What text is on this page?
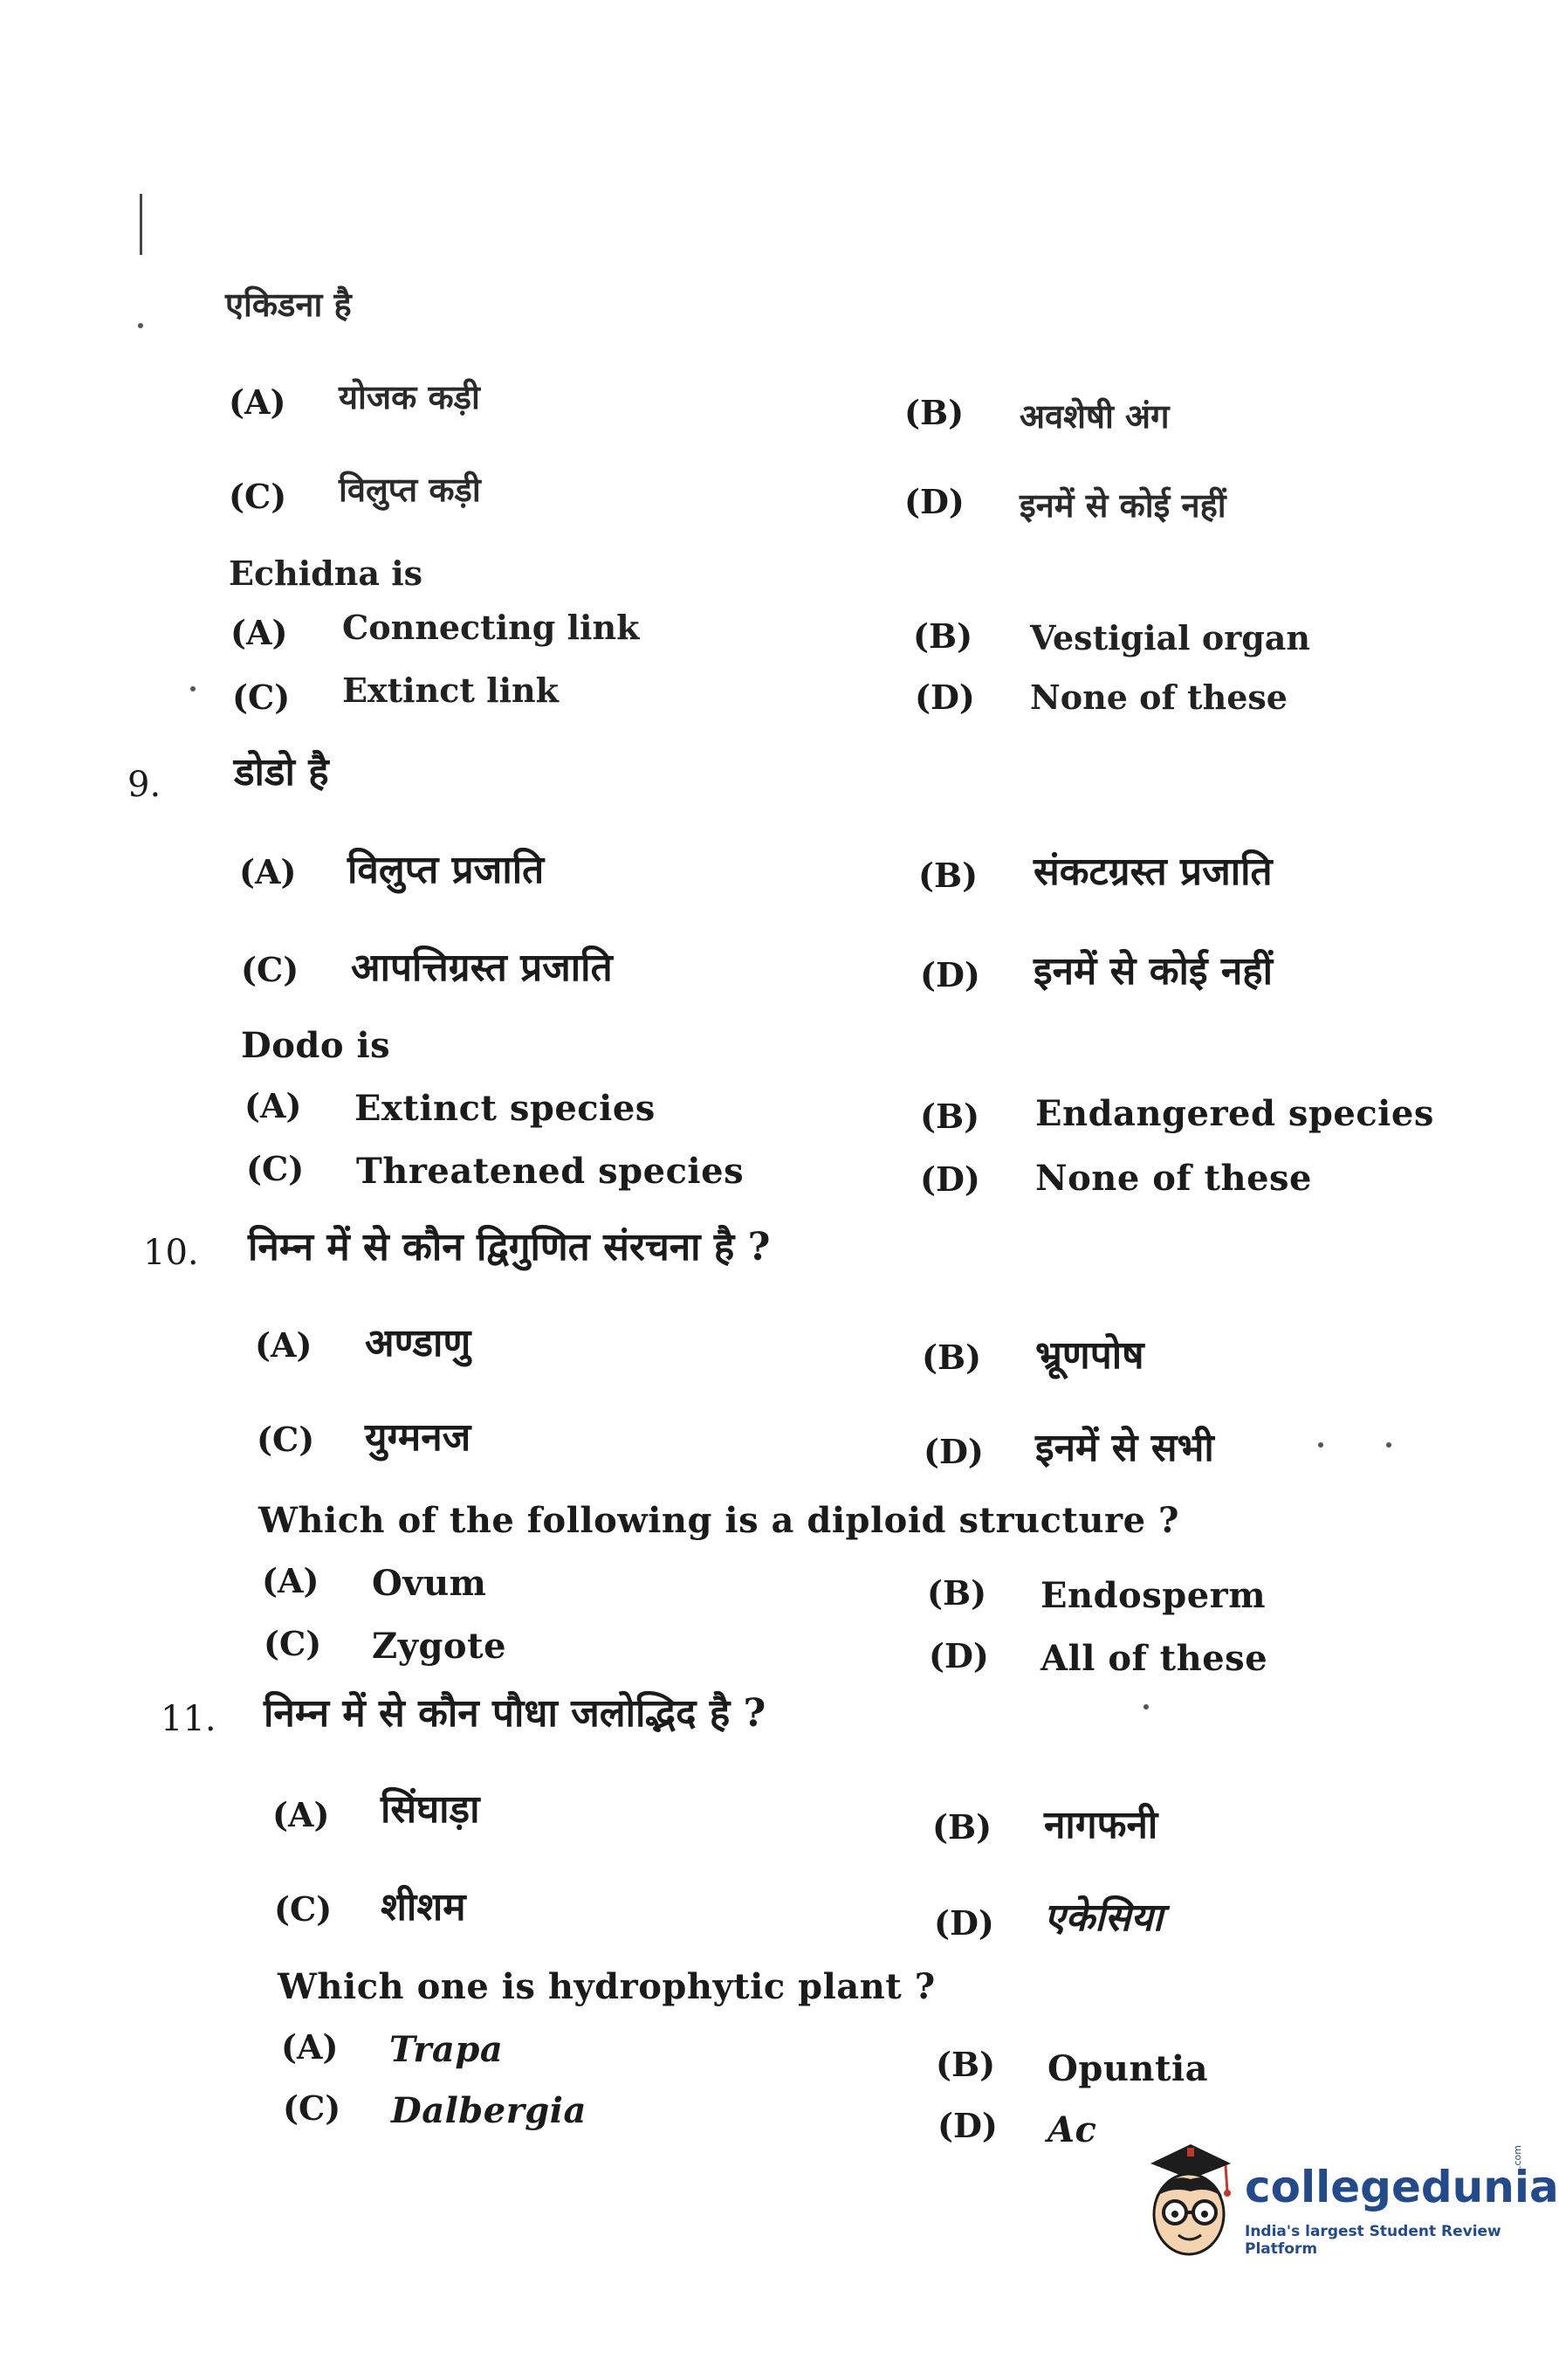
एकिडना है
(A) योजक कड़ी	(B) अवशेषी अंग
(C) विलुप्त कड़ी	(D) इनमें से कोई नहीं
Echidna is
(A) Connecting link	(B) Vestigial organ
(C) Extinct link	(D) None of these
9. डोडो है
(A) विलुप्त प्रजाति	(B) संकटग्रस्त प्रजाति
(C) आपत्तिग्रस्त प्रजाति	(D) इनमें से कोई नहीं
Dodo is
(A) Extinct species	(B) Endangered species
(C) Threatened species	(D) None of these
10. निम्न में से कौन द्विगुणित संरचना है ?
(A) अण्डाणु	(B) भ्रूणपोष
(C) युग्मनज	(D) इनमें से सभी
Which of the following is a diploid structure ?
(A) Ovum	(B) Endosperm
(C) Zygote	(D) All of these
11. निम्न में से कौन पौधा जलोद्भिद है ?
(A) सिंघाड़ा	(B) नागफनी
(C) शीशम	(D) एकेसिया
Which one is hydrophytic plant ?
(A) Trapa	(B) Opuntia
(C) Dalbergia	(D) Ac
collegedunia
.com
India's largest Student Review Platform
